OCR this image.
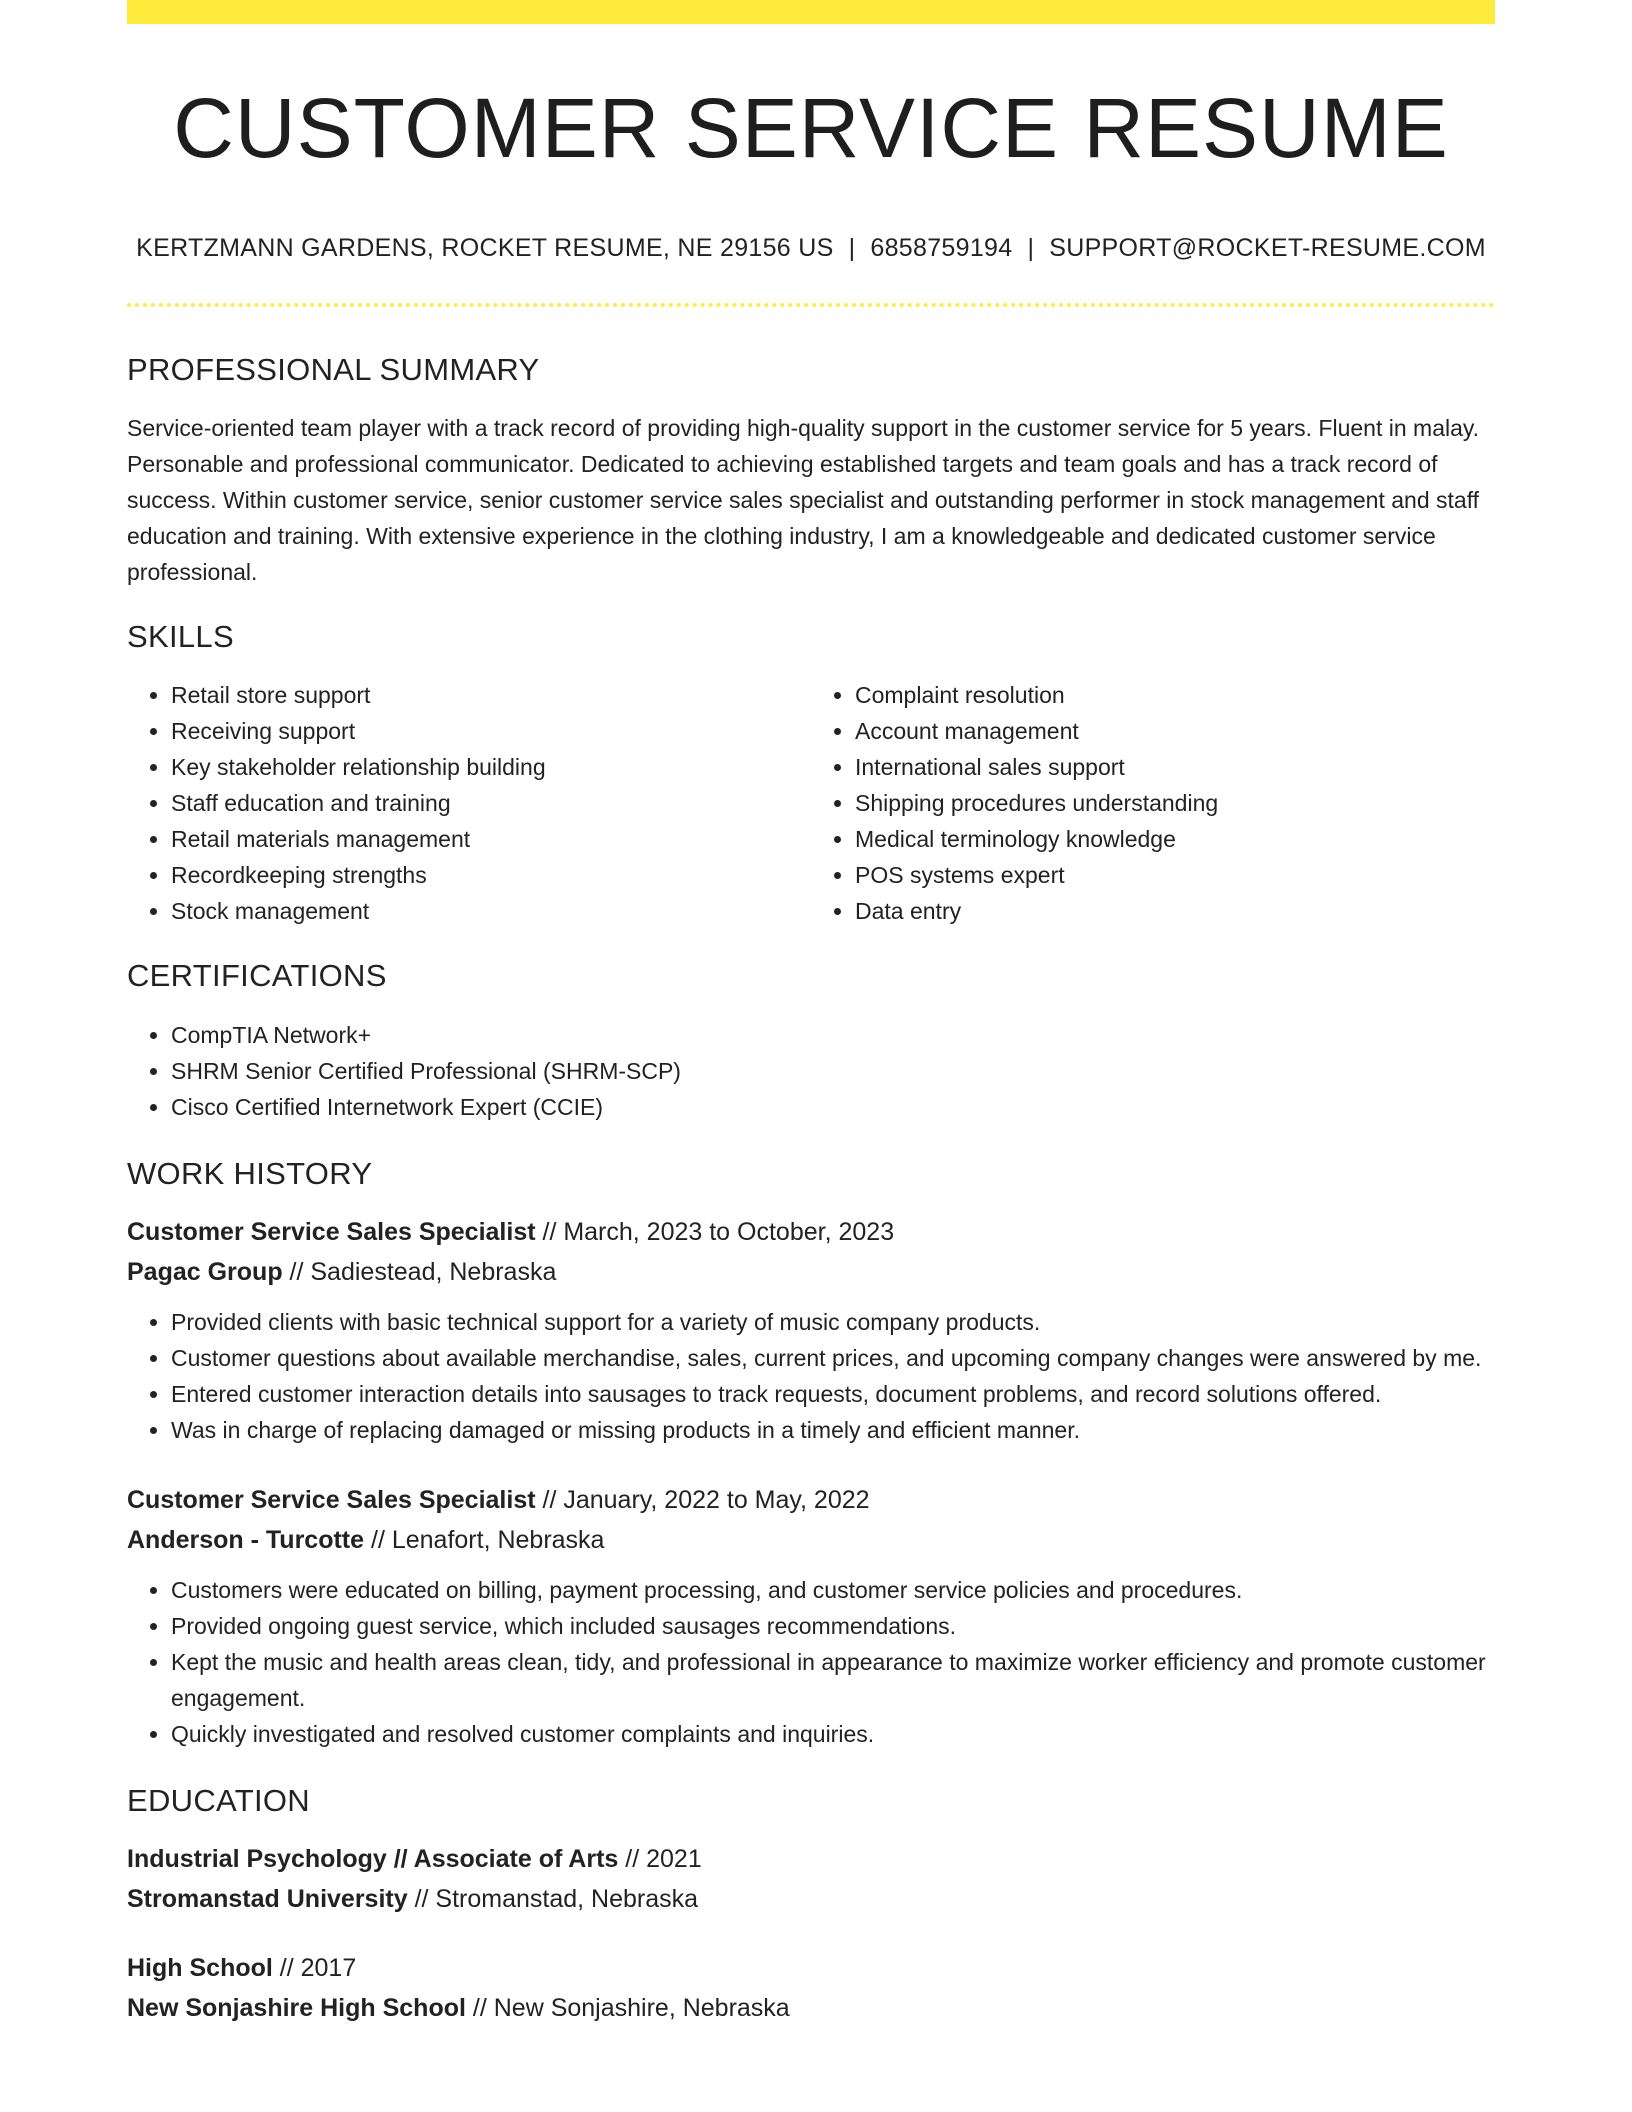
CUSTOMER SERVICE RESUME
KERTZMANN GARDENS, ROCKET RESUME, NE 29156 US | 6858759194 | SUPPORT@ROCKET-RESUME.COM
PROFESSIONAL SUMMARY

Service-oriented team player with a track record of providing high-quality support in the customer service for 5 years. Fluent in malay. Personable and professional communicator. Dedicated to achieving established targets and team goals and has a track record of success. Within customer service, senior customer service sales specialist and outstanding performer in stock management and staff education and training. With extensive experience in the clothing industry, I am a knowledgeable and dedicated customer service professional.

SKILLS
• Retail store support
• Receiving support
• Key stakeholder relationship building
• Staff education and training
• Retail materials management
• Recordkeeping strengths
• Stock management
• Complaint resolution
• Account management
• International sales support
• Shipping procedures understanding
• Medical terminology knowledge
• POS systems expert
• Data entry
CERTIFICATIONS
• CompTIA Network+
• SHRM Senior Certified Professional (SHRM-SCP)
• Cisco Certified Internetwork Expert (CCIE)
WORK HISTORY
Customer Service Sales Specialist // March, 2023 to October, 2023
Pagac Group // Sadiestead, Nebraska
• Provided clients with basic technical support for a variety of music company products.
• Customer questions about available merchandise, sales, current prices, and upcoming company changes were answered by me.
• Entered customer interaction details into sausages to track requests, document problems, and record solutions offered.
• Was in charge of replacing damaged or missing products in a timely and efficient manner.
Customer Service Sales Specialist // January, 2022 to May, 2022
Anderson - Turcotte // Lenafort, Nebraska
• Customers were educated on billing, payment processing, and customer service policies and procedures.
• Provided ongoing guest service, which included sausages recommendations.
• Kept the music and health areas clean, tidy, and professional in appearance to maximize worker efficiency and promote customer engagement.
• Quickly investigated and resolved customer complaints and inquiries.
EDUCATION
Industrial Psychology // Associate of Arts // 2021
Stromanstad University // Stromanstad, Nebraska
High School // 2017
New Sonjashire High School // New Sonjashire, Nebraska
